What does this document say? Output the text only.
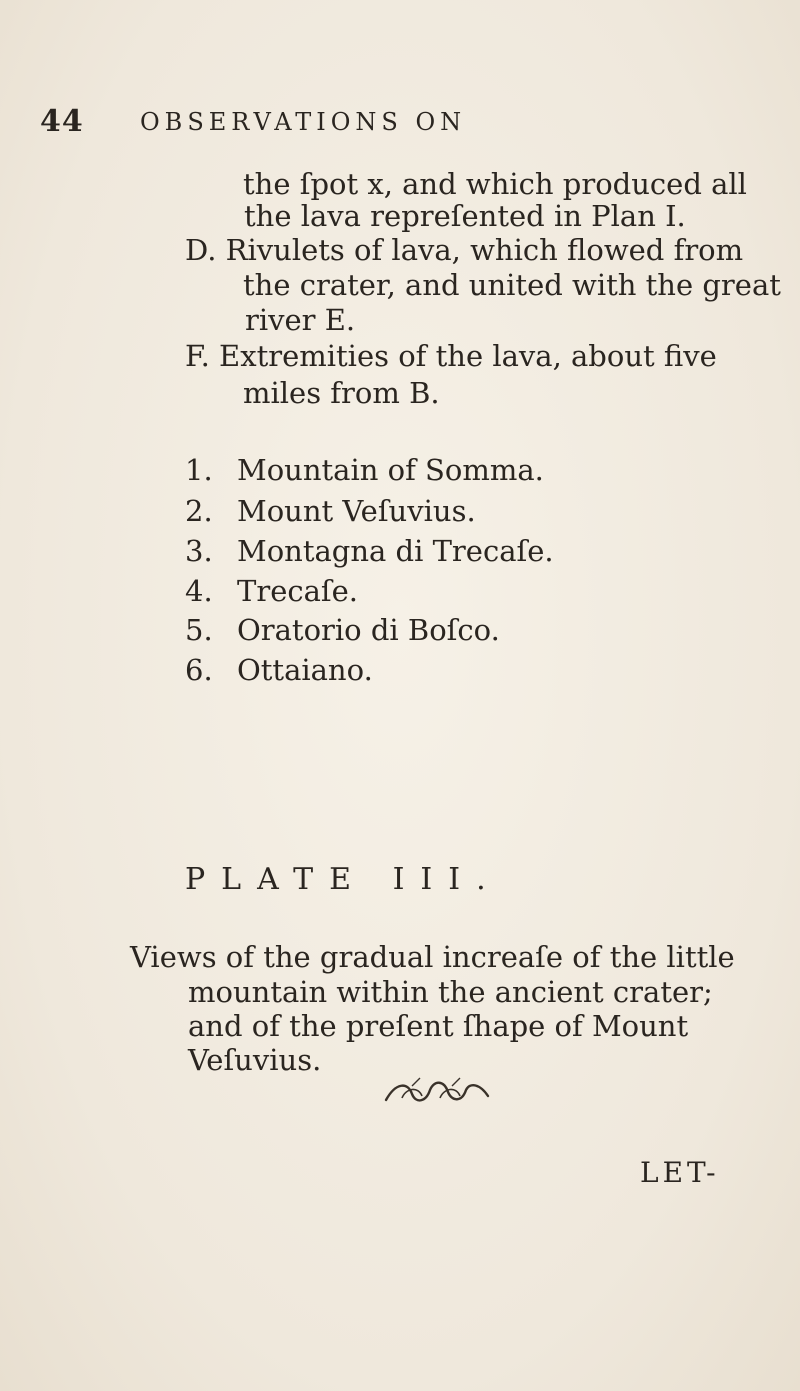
44 OBSERVATIONS ON
the ſpot x, and which produced all
the lava repreſented in Plan I.
D. Rivulets of lava, which flowed from
the crater, and united with the great
river E.
F. Extremities of the lava, about five
miles from B.
1. Mountain of Somma.
2. Mount Veſuvius.
3. Montagna di Trecaſe.
4. Trecaſe.
5. Oratorio di Boſco.
6. Ottaiano.
PLATE III.
Views of the gradual increaſe of the little
mountain within the ancient crater;
and of the preſent ſhape of Mount
Veſuvius.
LET-
